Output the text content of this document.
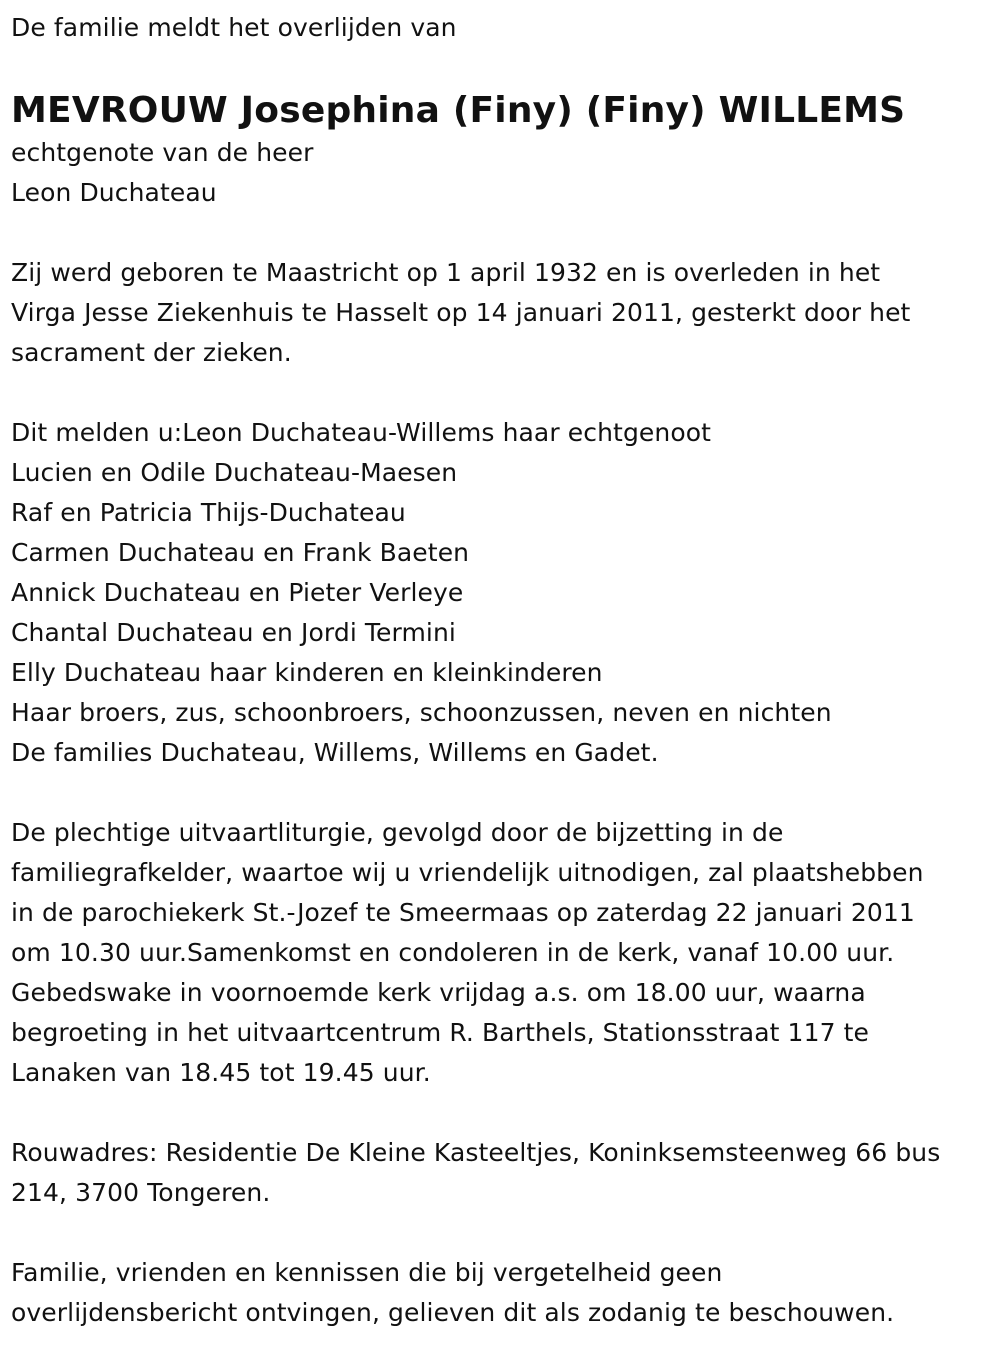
De familie meldt het overlijden van
MEVROUW Josephina (Finy) (Finy) WILLEMS
echtgenote van de heer
Leon Duchateau
Zij werd geboren te Maastricht op 1 april 1932 en is overleden in het
Virga Jesse Ziekenhuis te Hasselt op 14 januari 2011, gesterkt door het
sacrament der zieken.
Dit melden u:Leon Duchateau-Willems haar echtgenoot
Lucien en Odile Duchateau-Maesen
Raf en Patricia Thijs-Duchateau
Carmen Duchateau en Frank Baeten
Annick Duchateau en Pieter Verleye
Chantal Duchateau en Jordi Termini
Elly Duchateau haar kinderen en kleinkinderen
Haar broers, zus, schoonbroers, schoonzussen, neven en nichten
De families Duchateau, Willems, Willems en Gadet.
De plechtige uitvaartliturgie, gevolgd door de bijzetting in de
familiegrafkelder, waartoe wij u vriendelijk uitnodigen, zal plaatshebben
in de parochiekerk St.-Jozef te Smeermaas op zaterdag 22 januari 2011
om 10.30 uur.Samenkomst en condoleren in de kerk, vanaf 10.00 uur.
Gebedswake in voornoemde kerk vrijdag a.s. om 18.00 uur, waarna
begroeting in het uitvaartcentrum R. Barthels, Stationsstraat 117 te
Lanaken van 18.45 tot 19.45 uur.
Rouwadres: Residentie De Kleine Kasteeltjes, Koninksemsteenweg 66 bus
214, 3700 Tongeren.
Familie, vrienden en kennissen die bij vergetelheid geen
overlijdensbericht ontvingen, gelieven dit als zodanig te beschouwen.
